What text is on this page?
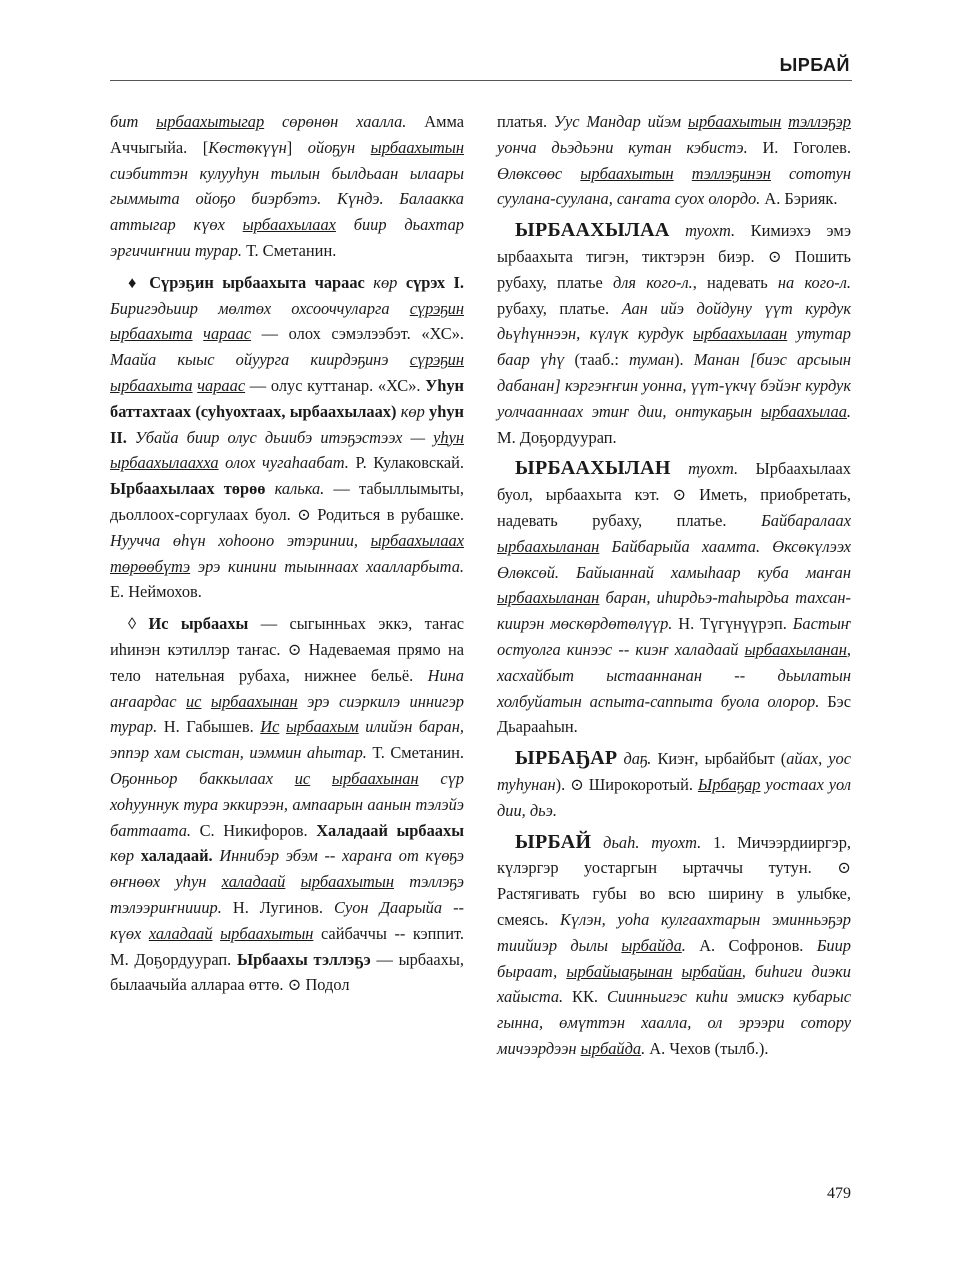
ЫРБАЙ

бит ырбаахытыгар сөрөнөн хаалла. Амма Аччыгыйа. [Көстөкүүн] ойоҕун ырбаахытын сиэбиттэн кулууһун тылын былдьаан ылаары гыммыта ойоҕо биэрбэтэ. Күндэ. Балаакка аттыгар күөх ырбаахылаах биир дьахтар эргичиҥнии турар. Т. Сметанин.

♦ Сүрэҕин ырбаахыта чараас көр сүрэх I. Биригэдьиир мөлтөх охсооччуларга сүрэҕин ырбаахыта чараас — олох сэмэлээбэт. «ХС». Маайа кыыс ойуурга киирдэҕинэ сүрэҕин ырбаахыта чараас — олус куттанар. «ХС». Уһун баттахтаах (суһуохтаах, ырбаахылаах) көр уһун II. Убайа биир олус дьиибэ итэҕэстээх — уһун ырбаахылаахха олох чугаһаабат. Р. Кулаковскай. Ырбаахылаах төрөө калька. — табыллымыты, дьоллоох-соргулаах буол. ⊙ Родиться в рубашке. Нуучча өһүн хоһооно этэринии, ырбаахылаах төрөөбүтэ эрэ кинини тыыннаах хаалларбыта. Е. Неймохов.

◊ Ис ырбаахы — сыгынньах эккэ, таҥас иһинэн кэтиллэр таҥас. ⊙ Надеваемая прямо на тело нательная рубаха, нижнее бельё. Нина аҥаардас ис ырбаахынан эрэ сиэркилэ иннигэр турар. Н. Габышев. Ис ырбаахым илийэн баран, эппэр хам сыстан, иэммин аһытар. Т. Сметанин. Оҕонньор баккылаах ис ырбаахынан сүр хоһууннук тура эккирээн, ампаарын аанын тэлэйэ баттаата. С. Никифоров. Халадаай ырбаахы көр халадаай. Иннибэр эбэм -- хараҥа от күөҕэ өҥнөөх уһун халадаай ырбаахытын тэллэҕэ тэлээриҥнииир. Н. Лугинов. Суон Даарыйа -- күөх халадаай ырбаахытын сайбаччы -- кэппит. М. Доҕордуурап. Ырбаахы тэллэҕэ — ырбаахы, былаачыйа алларaa өттө. ⊙ Подол

платья. Уус Мандар ийэм ырбаахытын тэллэҕэр уонча дьэдьэни кутан кэбистэ. И. Гоголев. Өлөксөөс ырбаахытын тэллэҕинэн сототун суулана-суулана, саҥата суох олордо. А. Бэрияк.

ЫРБААХЫЛАА туохт. Кимиэхэ эмэ ырбаахыта тигэн, тиктэрэн биэр. ⊙ Пошить рубаху, платье для кого-л., надевать на кого-л. рубаху, платье. Аан ийэ дойдуну үүт курдук дьүһүннээн, күлүк курдук ырбаахылаан утутар баар үһү (тааб.: туман). Манан [биэс арсыын дабанан] кэргэҥҥин уонна, үүт-үкчү бэйэҥ курдук уолчааннаах этиҥ дии, онтукаҕын ырбаахылаа. М. Доҕордуурап.

ЫРБААХЫЛАН туохт. Ырбаахылаах буол, ырбаахыта кэт. ⊙ Иметь, приобретать, надевать рубаху, платье. Байбаралаах ырбаахыланан Байбарыйа хаамта. Өксөкүлээх Өлөксөй. Байыаннай хамыһаар куба маҥан ырбаахыланан баран, иһирдьэ-таһырдьа тахсан-киирэн мөскөрдөтөлүүр. Н. Түгүнүүрэп. Бастыҥ остуолга кинээс -- киэҥ халадаай ырбаахыланан, хасхайбыт ыстааннанан -- дьылатын холбуйатын аспыта-саппыта буола олорор. Бэс Дьарааһын.

ЫРБАҔАР даҕ. Киэҥ, ырбайбыт (айах, уос туһунан). ⊙ Широкоротый. Ырбаҕар уостаах уол дии, дьэ.

ЫРБАЙ дьаһ. туохт. 1. Мичээрдииргэр, күлэргэр уостаргын ыртаччы тутун. ⊙ Растягивать губы во всю ширину в улыбке, смеясь. Күлэн, уоһа кулгаахтарын эминньэҕэр тиийиэр дылы ырбайда. А. Софронов. Биир быраат, ырбайыаҕынан ырбайан, биһиги диэки хайыста. КК. Сиинньигэс киһи эмискэ кубарыс гынна, өмүттэн хаалла, ол эрээри сотору мичээрдээн ырбайда. А. Чехов (тылб.).

479
